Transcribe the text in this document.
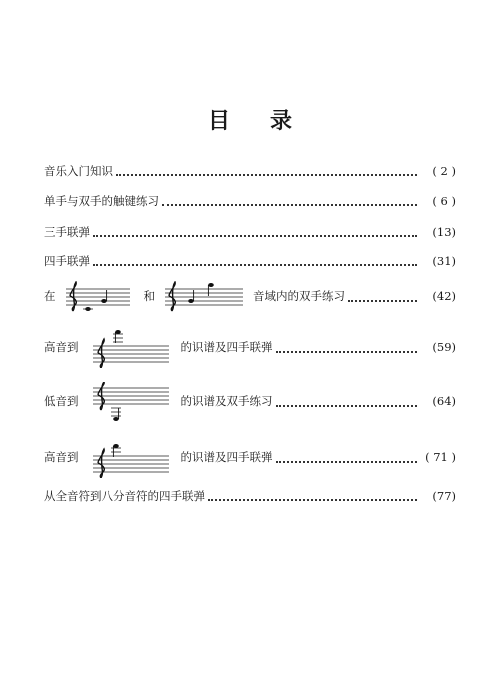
目 录
音乐入门知识	( 2 )
单手与双手的触键练习	( 6 )
三手联弹	(13)
四手联弹	(31)
在	和	音域内的双手练习	(42)
高音到	的识谱及四手联弹	(59)
低音到	的识谱及双手练习	(64)
高音到	的识谱及四手联弹	( 71 )
从全音符到八分音符的四手联弹	(77)
